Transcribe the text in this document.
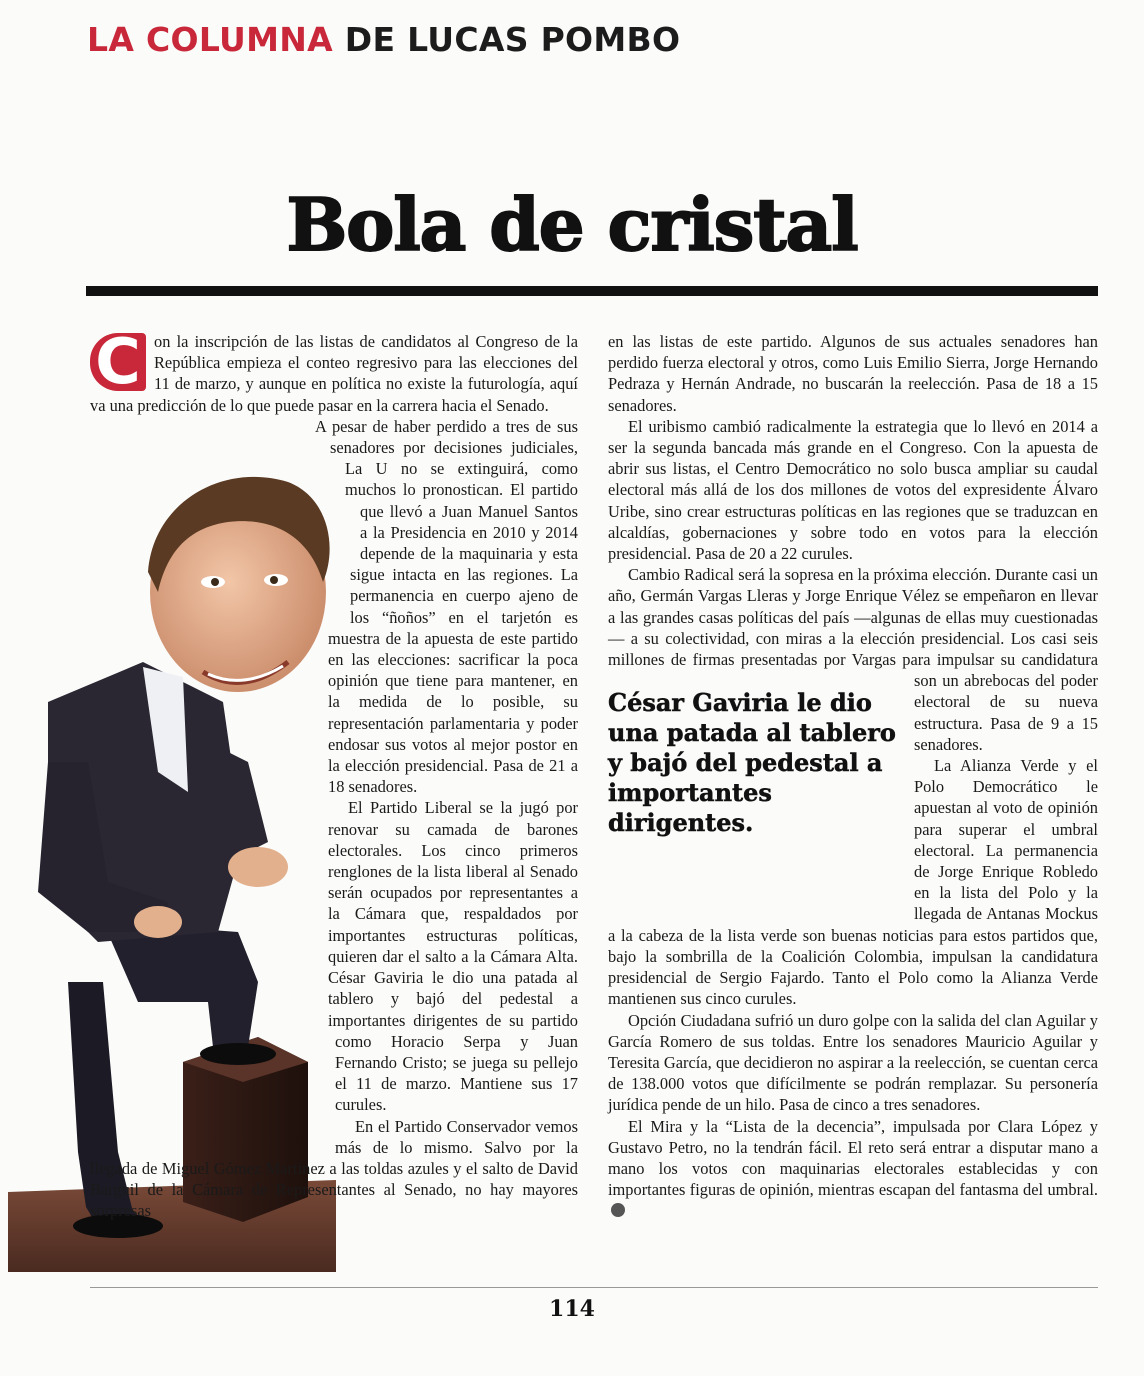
LA COLUMNA DE LUCAS POMBO
Bola de cristal
C on la inscripción de las listas de candidatos al Congreso de la República empieza el conteo regresivo para las elecciones del 11 de marzo, y aunque en política no existe la futurología, aquí va una predicción de lo que puede pasar en la carrera hacia el Senado.

A pesar de haber perdido a tres de sus senadores por decisiones judiciales, La U no se extinguirá, como muchos lo pronostican. El partido que llevó a Juan Manuel Santos a la Presidencia en 2010 y 2014 depende de la maquinaria y esta sigue intacta en las regiones. La permanencia en cuerpo ajeno de los “ñoños” en el tarjetón es muestra de la apuesta de este partido en las elecciones: sacrificar la poca opinión que tiene para mantener, en la medida de lo posible, su representación parlamentaria y poder endosar sus votos al mejor postor en la elección presidencial. Pasa de 21 a 18 senadores.

El Partido Liberal se la jugó por renovar su camada de barones electorales. Los cinco primeros renglones de la lista liberal al Senado serán ocupados por representantes a la Cámara que, respaldados por importantes estructuras políticas, quieren dar el salto a la Cámara Alta. César Gaviria le dio una patada al tablero y bajó del pedestal a importantes dirigentes de su partido como Horacio Serpa y Juan Fernando Cristo; se juega su pellejo el 11 de marzo. Mantiene sus 17 curules.

En el Partido Conservador vemos más de lo mismo. Salvo por la llegada de Miguel Gómez Martínez a las toldas azules y el salto de David Barguil de la Cámara de Representantes al Senado, no hay mayores sorpresas

en las listas de este partido. Algunos de sus actuales senadores han perdido fuerza electoral y otros, como Luis Emilio Sierra, Jorge Hernando Pedraza y Hernán Andrade, no buscarán la reelección. Pasa de 18 a 15 senadores.

El uribismo cambió radicalmente la estrategia que lo llevó en 2014 a ser la segunda bancada más grande en el Congreso. Con la apuesta de abrir sus listas, el Centro Democrático no solo busca ampliar su caudal electoral más allá de los dos millones de votos del expresidente Álvaro Uribe, sino crear estructuras políticas en las regiones que se traduzcan en alcaldías, gobernaciones y sobre todo en votos para la elección presidencial. Pasa de 20 a 22 curules.

Cambio Radical será la sopresa en la próxima elección. Durante casi un año, Germán Vargas Lleras y Jorge Enrique Vélez se empeñaron en llevar a las grandes casas políticas del país —algunas de ellas muy cuestionadas— a su colectividad, con miras a la elección presidencial. Los casi seis millones de firmas presentadas por Vargas para impulsar su candidatura son un abrebocas del poder electoral de su nueva estructura. Pasa de 9 a 15 senadores.

La Alianza Verde y el Polo Democrático le apuestan al voto de opinión para superar el umbral electoral. La permanencia de Jorge Enrique Robledo en la lista del Polo y la llegada de Antanas Mockus a la cabeza de la lista verde son buenas noticias para estos partidos que, bajo la sombrilla de la Coalición Colombia, impulsan la candidatura presidencial de Sergio Fajardo. Tanto el Polo como la Alianza Verde mantienen sus cinco curules.

Opción Ciudadana sufrió un duro golpe con la salida del clan Aguilar y García Romero de sus toldas. Entre los senadores Mauricio Aguilar y Teresita García, que decidieron no aspirar a la reelección, se cuentan cerca de 138.000 votos que difícilmente se podrán remplazar. Su personería jurídica pende de un hilo. Pasa de cinco a tres senadores.

El Mira y la “Lista de la decencia”, impulsada por Clara López y Gustavo Petro, no la tendrán fácil. El reto será entrar a disputar mano a mano los votos con maquinarias electorales establecidas y con importantes figuras de opinión, mientras escapan del fantasma del umbral.

César Gaviria le dio una patada al tablero y bajó del pedestal a importantes dirigentes.
114
